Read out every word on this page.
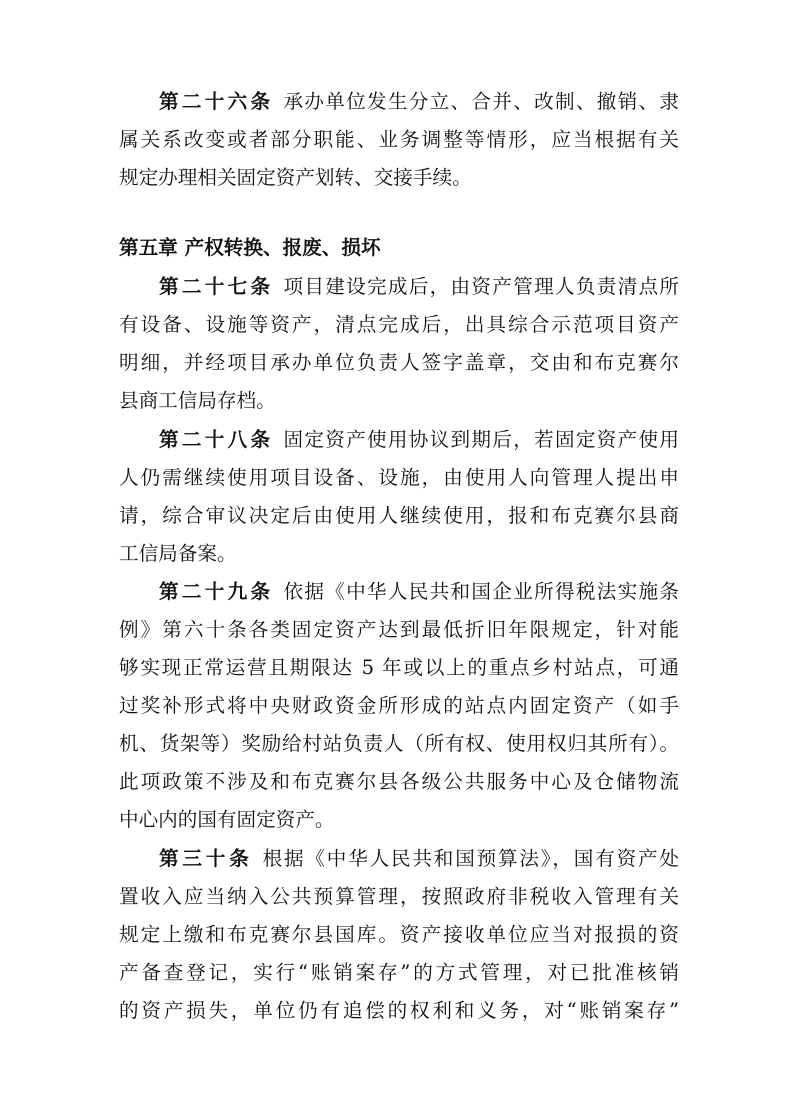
第二十六条 承办单位发生分立、合并、改制、撤销、隶
属关系改变或者部分职能、业务调整等情形，应当根据有关
规定办理相关固定资产划转、交接手续。
第五章 产权转换、报废、损坏
第二十七条 项目建设完成后，由资产管理人负责清点所
有设备、设施等资产，清点完成后，出具综合示范项目资产
明细，并经项目承办单位负责人签字盖章，交由和布克赛尔
县商工信局存档。
第二十八条 固定资产使用协议到期后，若固定资产使用
人仍需继续使用项目设备、设施，由使用人向管理人提出申
请，综合审议决定后由使用人继续使用，报和布克赛尔县商
工信局备案。
第二十九条 依据《中华人民共和国企业所得税法实施条
例》第六十条各类固定资产达到最低折旧年限规定，针对能
够实现正常运营且期限达 5 年或以上的重点乡村站点，可通
过奖补形式将中央财政资金所形成的站点内固定资产（如手
机、货架等）奖励给村站负责人（所有权、使用权归其所有）。
此项政策不涉及和布克赛尔县各级公共服务中心及仓储物流
中心内的国有固定资产。
第三十条 根据《中华人民共和国预算法》，国有资产处
置收入应当纳入公共预算管理，按照政府非税收入管理有关
规定上缴和布克赛尔县国库。资产接收单位应当对报损的资
产备查登记，实行“账销案存”的方式管理，对已批准核销
的资产损失，单位仍有追偿的权利和义务，对“账销案存”
